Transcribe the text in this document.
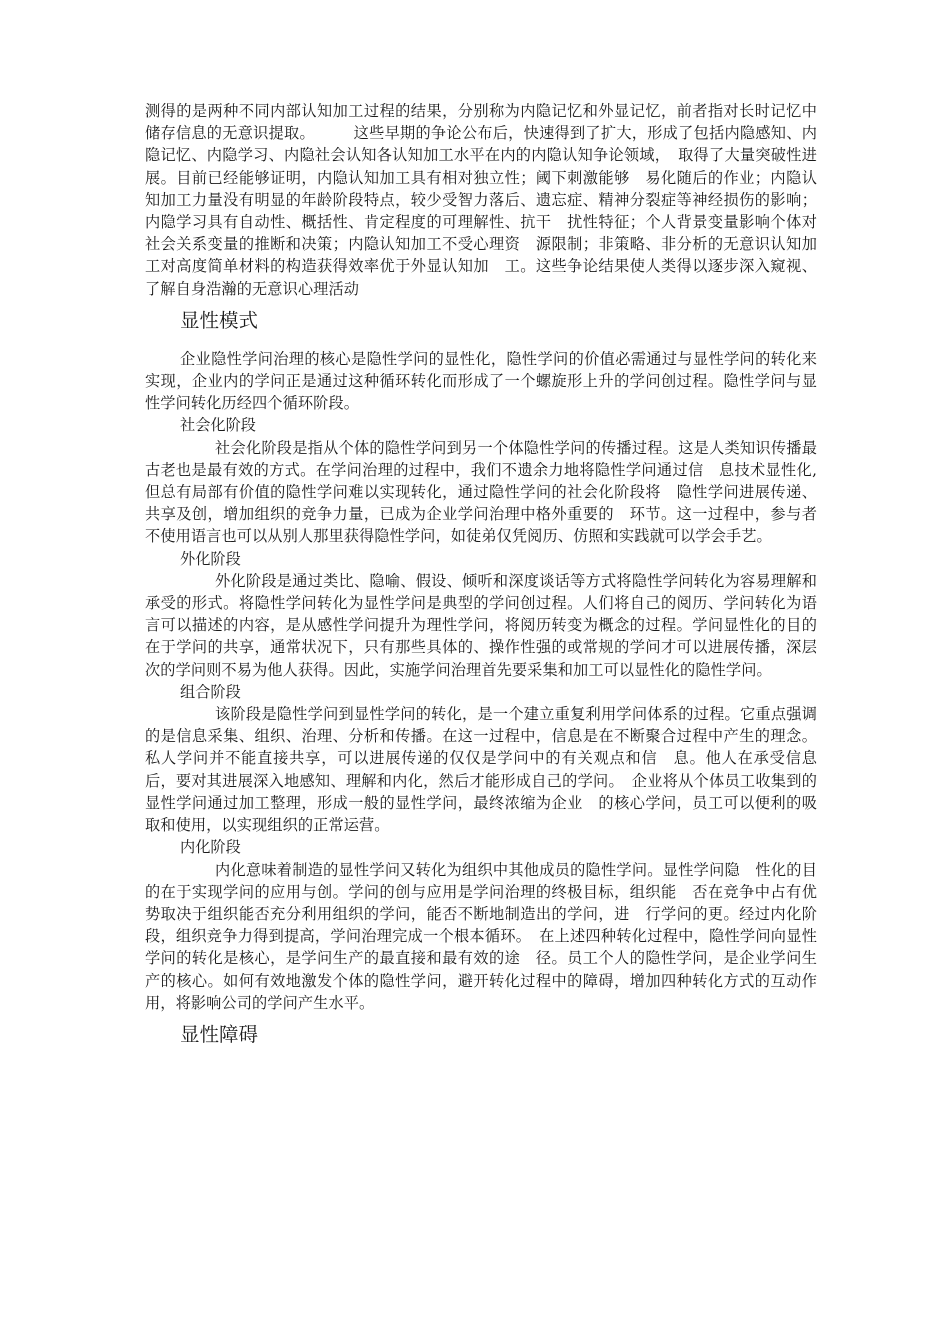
测得的是两种不同内部认知加工过程的结果，分别称为内隐记忆和外显记忆，前者指对长时记忆中储存信息的无意识提取。　　　这些早期的争论公布后，快速得到了扩大，形成了包括内隐感知、内隐记忆、内隐学习、内隐社会认知各认知加工水平在内的内隐认知争论领域，　取得了大量突破性进展。目前已经能够证明，内隐认知加工具有相对独立性；阈下刺激能够　易化随后的作业；内隐认知加工力量没有明显的年龄阶段特点，较少受智力落后、遗忘症、精神分裂症等神经损伤的影响；内隐学习具有自动性、概括性、肯定程度的可理解性、抗干　扰性特征；个人背景变量影响个体对社会关系变量的推断和决策；内隐认知加工不受心理资　源限制；非策略、非分析的无意识认知加工对高度简单材料的构造获得效率优于外显认知加　工。这些争论结果使人类得以逐步深入窥视、了解自身浩瀚的无意识心理活动

显性模式

企业隐性学问治理的核心是隐性学问的显性化，隐性学问的价值必需通过与显性学问的转化来实现，企业内的学问正是通过这种循环转化而形成了一个螺旋形上升的学问创过程。隐性学问与显性学问转化历经四个循环阶段。

社会化阶段

社会化阶段是指从个体的隐性学问到另一个体隐性学问的传播过程。这是人类知识传播最古老也是最有效的方式。在学问治理的过程中，我们不遗余力地将隐性学问通过信　息技术显性化,但总有局部有价值的隐性学问难以实现转化，通过隐性学问的社会化阶段将　隐性学问进展传递、共享及创，增加组织的竞争力量，已成为企业学问治理中格外重要的　环节。这一过程中，参与者不使用语言也可以从别人那里获得隐性学问，如徒弟仅凭阅历、仿照和实践就可以学会手艺。

外化阶段

外化阶段是通过类比、隐喻、假设、倾听和深度谈话等方式将隐性学问转化为容易理解和承受的形式。将隐性学问转化为显性学问是典型的学问创过程。人们将自己的阅历、学问转化为语言可以描述的内容，是从感性学问提升为理性学问，将阅历转变为概念的过程。学问显性化的目的在于学问的共享，通常状况下，只有那些具体的、操作性强的或常规的学问才可以进展传播，深层次的学问则不易为他人获得。因此，实施学问治理首先要采集和加工可以显性化的隐性学问。

组合阶段

该阶段是隐性学问到显性学问的转化，是一个建立重复利用学问体系的过程。它重点强调的是信息采集、组织、治理、分析和传播。在这一过程中，信息是在不断聚合过程中产生的理念。私人学问并不能直接共享，可以进展传递的仅仅是学问中的有关观点和信　息。他人在承受信息后，要对其进展深入地感知、理解和内化，然后才能形成自己的学问。　企业将从个体员工收集到的显性学问通过加工整理，形成一般的显性学问，最终浓缩为企业　的核心学问，员工可以便利的吸取和使用，以实现组织的正常运营。

内化阶段

内化意味着制造的显性学问又转化为组织中其他成员的隐性学问。显性学问隐　性化的目的在于实现学问的应用与创。学问的创与应用是学问治理的终极目标，组织能　否在竞争中占有优势取决于组织能否充分利用组织的学问，能否不断地制造出的学问，进　行学问的更。经过内化阶段，组织竞争力得到提高，学问治理完成一个根本循环。　在上述四种转化过程中，隐性学问向显性学问的转化是核心，是学问生产的最直接和最有效的途　径。员工个人的隐性学问，是企业学问生产的核心。如何有效地激发个体的隐性学问，避开转化过程中的障碍，增加四种转化方式的互动作用，将影响公司的学问产生水平。

显性障碍
